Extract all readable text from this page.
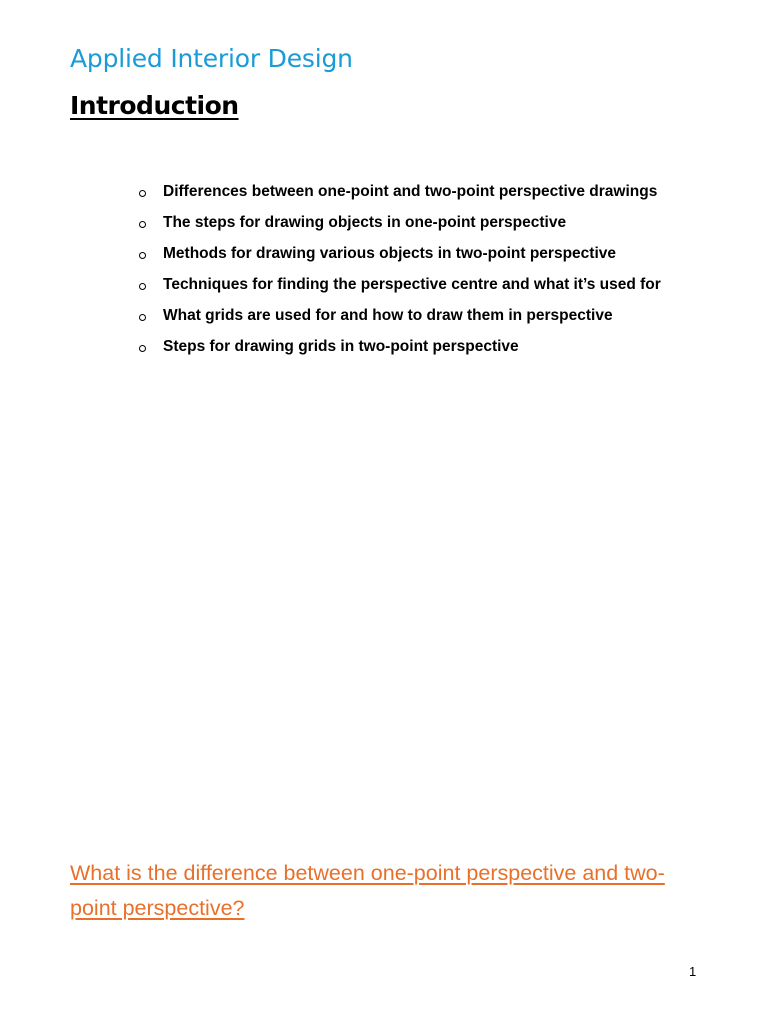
Applied Interior Design
Introduction
Differences between one-point and two-point perspective drawings
The steps for drawing objects in one-point perspective
Methods for drawing various objects in two-point perspective
Techniques for finding the perspective centre and what it’s used for
What grids are used for and how to draw them in perspective
Steps for drawing grids in two-point perspective
What is the difference between one-point perspective and two-point perspective?
1
